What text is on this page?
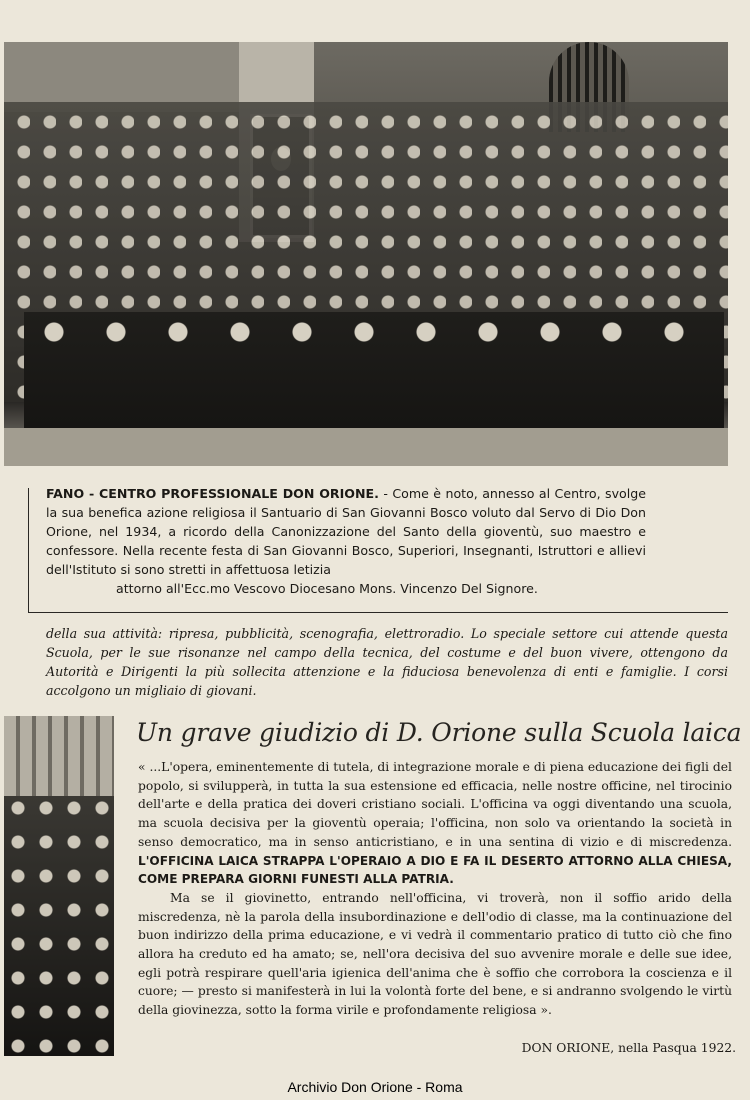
FANO - CENTRO PROFESSIONALE DON ORIONE. - Come è noto, annesso al Centro, svolge la sua benefica azione religiosa il Santuario di San Giovanni Bosco voluto dal Servo di Dio Don Orione, nel 1934, a ricordo della Canonizzazione del Santo della gioventù, suo maestro e confessore. Nella recente festa di San Giovanni Bosco, Superiori, Insegnanti, Istruttori e allievi dell'Istituto si sono stretti in affettuosa letizia
attorno all'Ecc.mo Vescovo Diocesano Mons. Vincenzo Del Signore.
della sua attività: ripresa, pubblicità, scenografia, elettroradio. Lo speciale settore cui attende questa Scuola, per le sue risonanze nel campo della tecnica, del costume e del buon vivere, ottengono da Autorità e Dirigenti la più sollecita attenzione e la fiduciosa benevolenza di enti e famiglie. I corsi accolgono un migliaio di giovani.
Un grave giudizio di D. Orione sulla Scuola laica

« ...L'opera, eminentemente di tutela, di integrazione morale e di piena educazione dei figli del popolo, si svilupperà, in tutta la sua estensione ed efficacia, nelle nostre officine, nel tirocinio dell'arte e della pratica dei doveri cristiano sociali. L'officina va oggi diventando una scuola, ma scuola decisiva per la gioventù operaia; l'officina, non solo va orientando la società in senso democratico, ma in senso anticristiano, e in una sentina di vizio e di miscredenza. L'OFFICINA LAICA STRAPPA L'OPERAIO A DIO E FA IL DESERTO ATTORNO ALLA CHIESA, COME PREPARA GIORNI FUNESTI ALLA PATRIA.

Ma se il giovinetto, entrando nell'officina, vi troverà, non il soffio arido della miscredenza, nè la parola della insubordinazione e dell'odio di classe, ma la continuazione del buon indirizzo della prima educazione, e vi vedrà il commentario pratico di tutto ciò che fino allora ha creduto ed ha amato; se, nell'ora decisiva del suo avvenire morale e delle sue idee, egli potrà respirare quell'aria igienica dell'anima che è soffio che corrobora la coscienza e il cuore; — presto si manifesterà in lui la volontà forte del bene, e si andranno svolgendo le virtù della giovinezza, sotto la forma virile e profondamente religiosa ».

DON ORIONE, nella Pasqua 1922.
Archivio Don Orione - Roma
